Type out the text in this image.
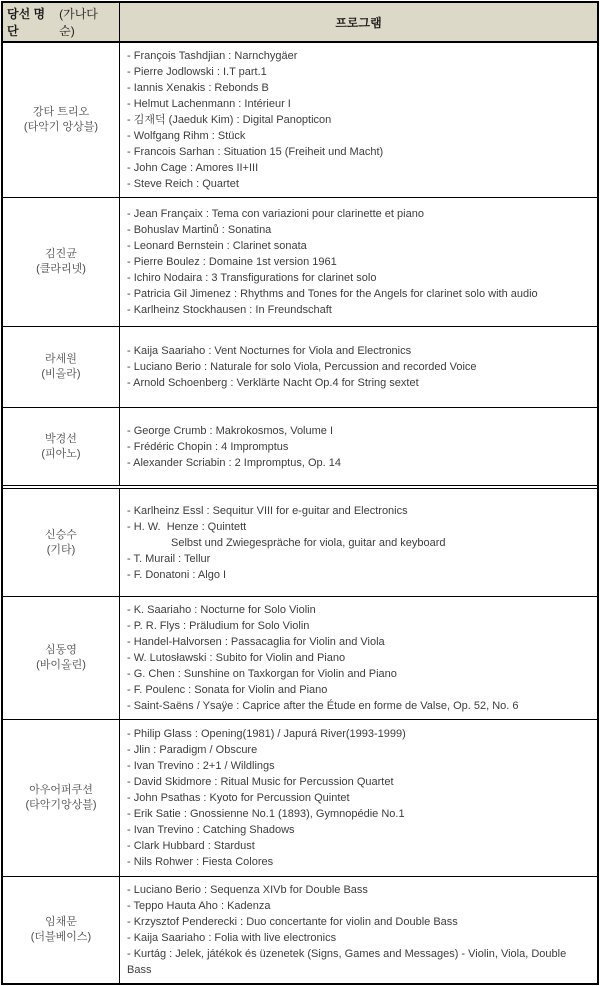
당선 명단
(가나다 순)
프로그램
강타 트리오
(타악기 앙상블)
- François Tashdjian : Narnchygäer
- Pierre Jodlowski : I.T part.1
- Iannis Xenakis : Rebonds B
- Helmut Lachenmann : Intérieur I
- 김재덕 (Jaeduk Kim) : Digital Panopticon
- Wolfgang Rihm : Stück
- Francois Sarhan : Situation 15 (Freiheit und Macht)
- John Cage : Amores II+III
- Steve Reich : Quartet
김진균
(클라리넷)
- Jean Françaix : Tema con variazioni pour clarinette et piano
- Bohuslav Martinů : Sonatina
- Leonard Bernstein : Clarinet sonata
- Pierre Boulez : Domaine 1st version 1961
- Ichiro Nodaira : 3 Transfigurations for clarinet solo
- Patricia Gil Jimenez : Rhythms and Tones for the Angels for clarinet solo with audio
- Karlheinz Stockhausen : In Freundschaft
라세원
(비올라)
- Kaija Saariaho : Vent Nocturnes for Viola and Electronics
- Luciano Berio : Naturale for solo Viola, Percussion and recorded Voice
- Arnold Schoenberg : Verklärte Nacht Op.4 for String sextet
박경선
(피아노)
- George Crumb : Makrokosmos, Volume I
- Frédéric Chopin : 4 Impromptus
- Alexander Scriabin : 2 Impromptus, Op. 14
신승수
(기타)
- Karlheinz Essl : Sequitur VIII for e-guitar and Electronics
- H. W.  Henze : Quintett
Selbst und Zwiegespräche for viola, guitar and keyboard
- T. Murail : Tellur
- F. Donatoni : Algo I
심동영
(바이올린)
- K. Saariaho : Nocturne for Solo Violin
- P. R. Flys : Präludium for Solo Violin
- Handel-Halvorsen : Passacaglia for Violin and Viola
- W. Lutosławski : Subito for Violin and Piano
- G. Chen : Sunshine on Taxkorgan for Violin and Piano
- F. Poulenc : Sonata for Violin and Piano
- Saint-Saëns / Ysaÿe : Caprice after the Étude en forme de Valse, Op. 52, No. 6
아우어퍼쿠션
(타악기앙상블)
- Philip Glass : Opening(1981) / Japurá River(1993-1999)
- Jlin : Paradigm / Obscure
- Ivan Trevino : 2+1 / Wildlings
- David Skidmore : Ritual Music for Percussion Quartet
- John Psathas : Kyoto for Percussion Quintet
- Erik Satie : Gnossienne No.1 (1893), Gymnopédie No.1
- Ivan Trevino : Catching Shadows
- Clark Hubbard : Stardust
- Nils Rohwer : Fiesta Colores
임채문
(더블베이스)
- Luciano Berio : Sequenza XIVb for Double Bass
- Teppo Hauta Aho : Kadenza
- Krzysztof Penderecki : Duo concertante for violin and Double Bass
- Kaija Saariaho : Folia with live electronics
- Kurtág : Jelek, játékok és üzenetek (Signs, Games and Messages) - Violin, Viola, Double Bass
